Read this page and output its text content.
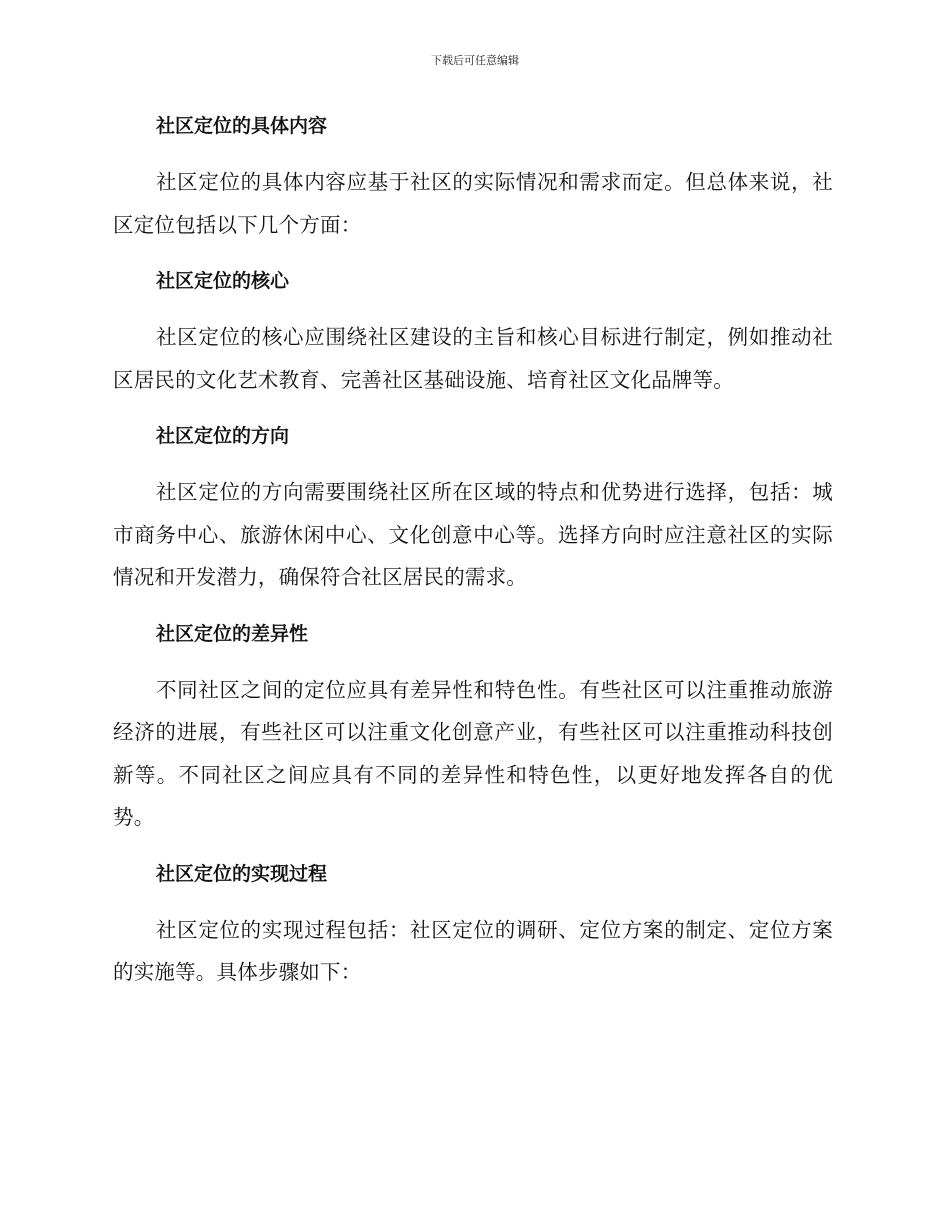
下载后可任意编辑
社区定位的具体内容

社区定位的具体内容应基于社区的实际情况和需求而定。但总体来说，社区定位包括以下几个方面：

社区定位的核心

社区定位的核心应围绕社区建设的主旨和核心目标进行制定，例如推动社区居民的文化艺术教育、完善社区基础设施、培育社区文化品牌等。

社区定位的方向

社区定位的方向需要围绕社区所在区域的特点和优势进行选择，包括：城市商务中心、旅游休闲中心、文化创意中心等。选择方向时应注意社区的实际情况和开发潜力，确保符合社区居民的需求。

社区定位的差异性

不同社区之间的定位应具有差异性和特色性。有些社区可以注重推动旅游经济的进展，有些社区可以注重文化创意产业，有些社区可以注重推动科技创新等。不同社区之间应具有不同的差异性和特色性，以更好地发挥各自的优势。

社区定位的实现过程

社区定位的实现过程包括：社区定位的调研、定位方案的制定、定位方案的实施等。具体步骤如下：
